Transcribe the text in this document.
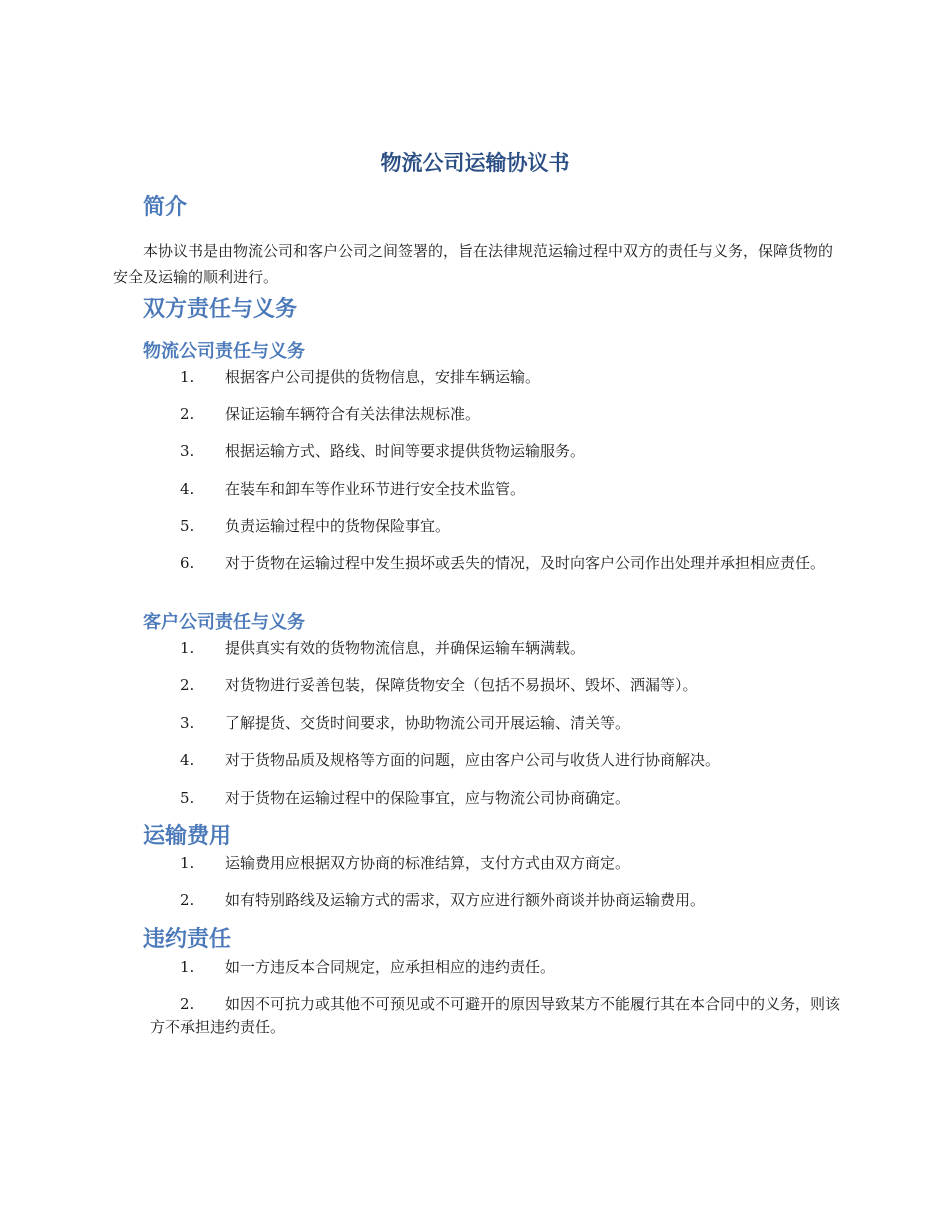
物流公司运输协议书
简介

本协议书是由物流公司和客户公司之间签署的，旨在法律规范运输过程中双方的责任与义务，保障货物的安全及运输的顺利进行。

双方责任与义务
物流公司责任与义务

1. 根据客户公司提供的货物信息，安排车辆运输。

2. 保证运输车辆符合有关法律法规标准。

3. 根据运输方式、路线、时间等要求提供货物运输服务。

4. 在装车和卸车等作业环节进行安全技术监管。

5. 负责运输过程中的货物保险事宜。

6. 对于货物在运输过程中发生损坏或丢失的情况，及时向客户公司作出处理并承担相应责任。

客户公司责任与义务

1. 提供真实有效的货物物流信息，并确保运输车辆满载。

2. 对货物进行妥善包装，保障货物安全（包括不易损坏、毁坏、洒漏等）。

3. 了解提货、交货时间要求，协助物流公司开展运输、清关等。

4. 对于货物品质及规格等方面的问题，应由客户公司与收货人进行协商解决。

5. 对于货物在运输过程中的保险事宜，应与物流公司协商确定。

运输费用

1. 运输费用应根据双方协商的标准结算，支付方式由双方商定。

2. 如有特别路线及运输方式的需求，双方应进行额外商谈并协商运输费用。

违约责任

1. 如一方违反本合同规定，应承担相应的违约责任。

2. 如因不可抗力或其他不可预见或不可避开的原因导致某方不能履行其在本合同中的义务，则该方不承担违约责任。
